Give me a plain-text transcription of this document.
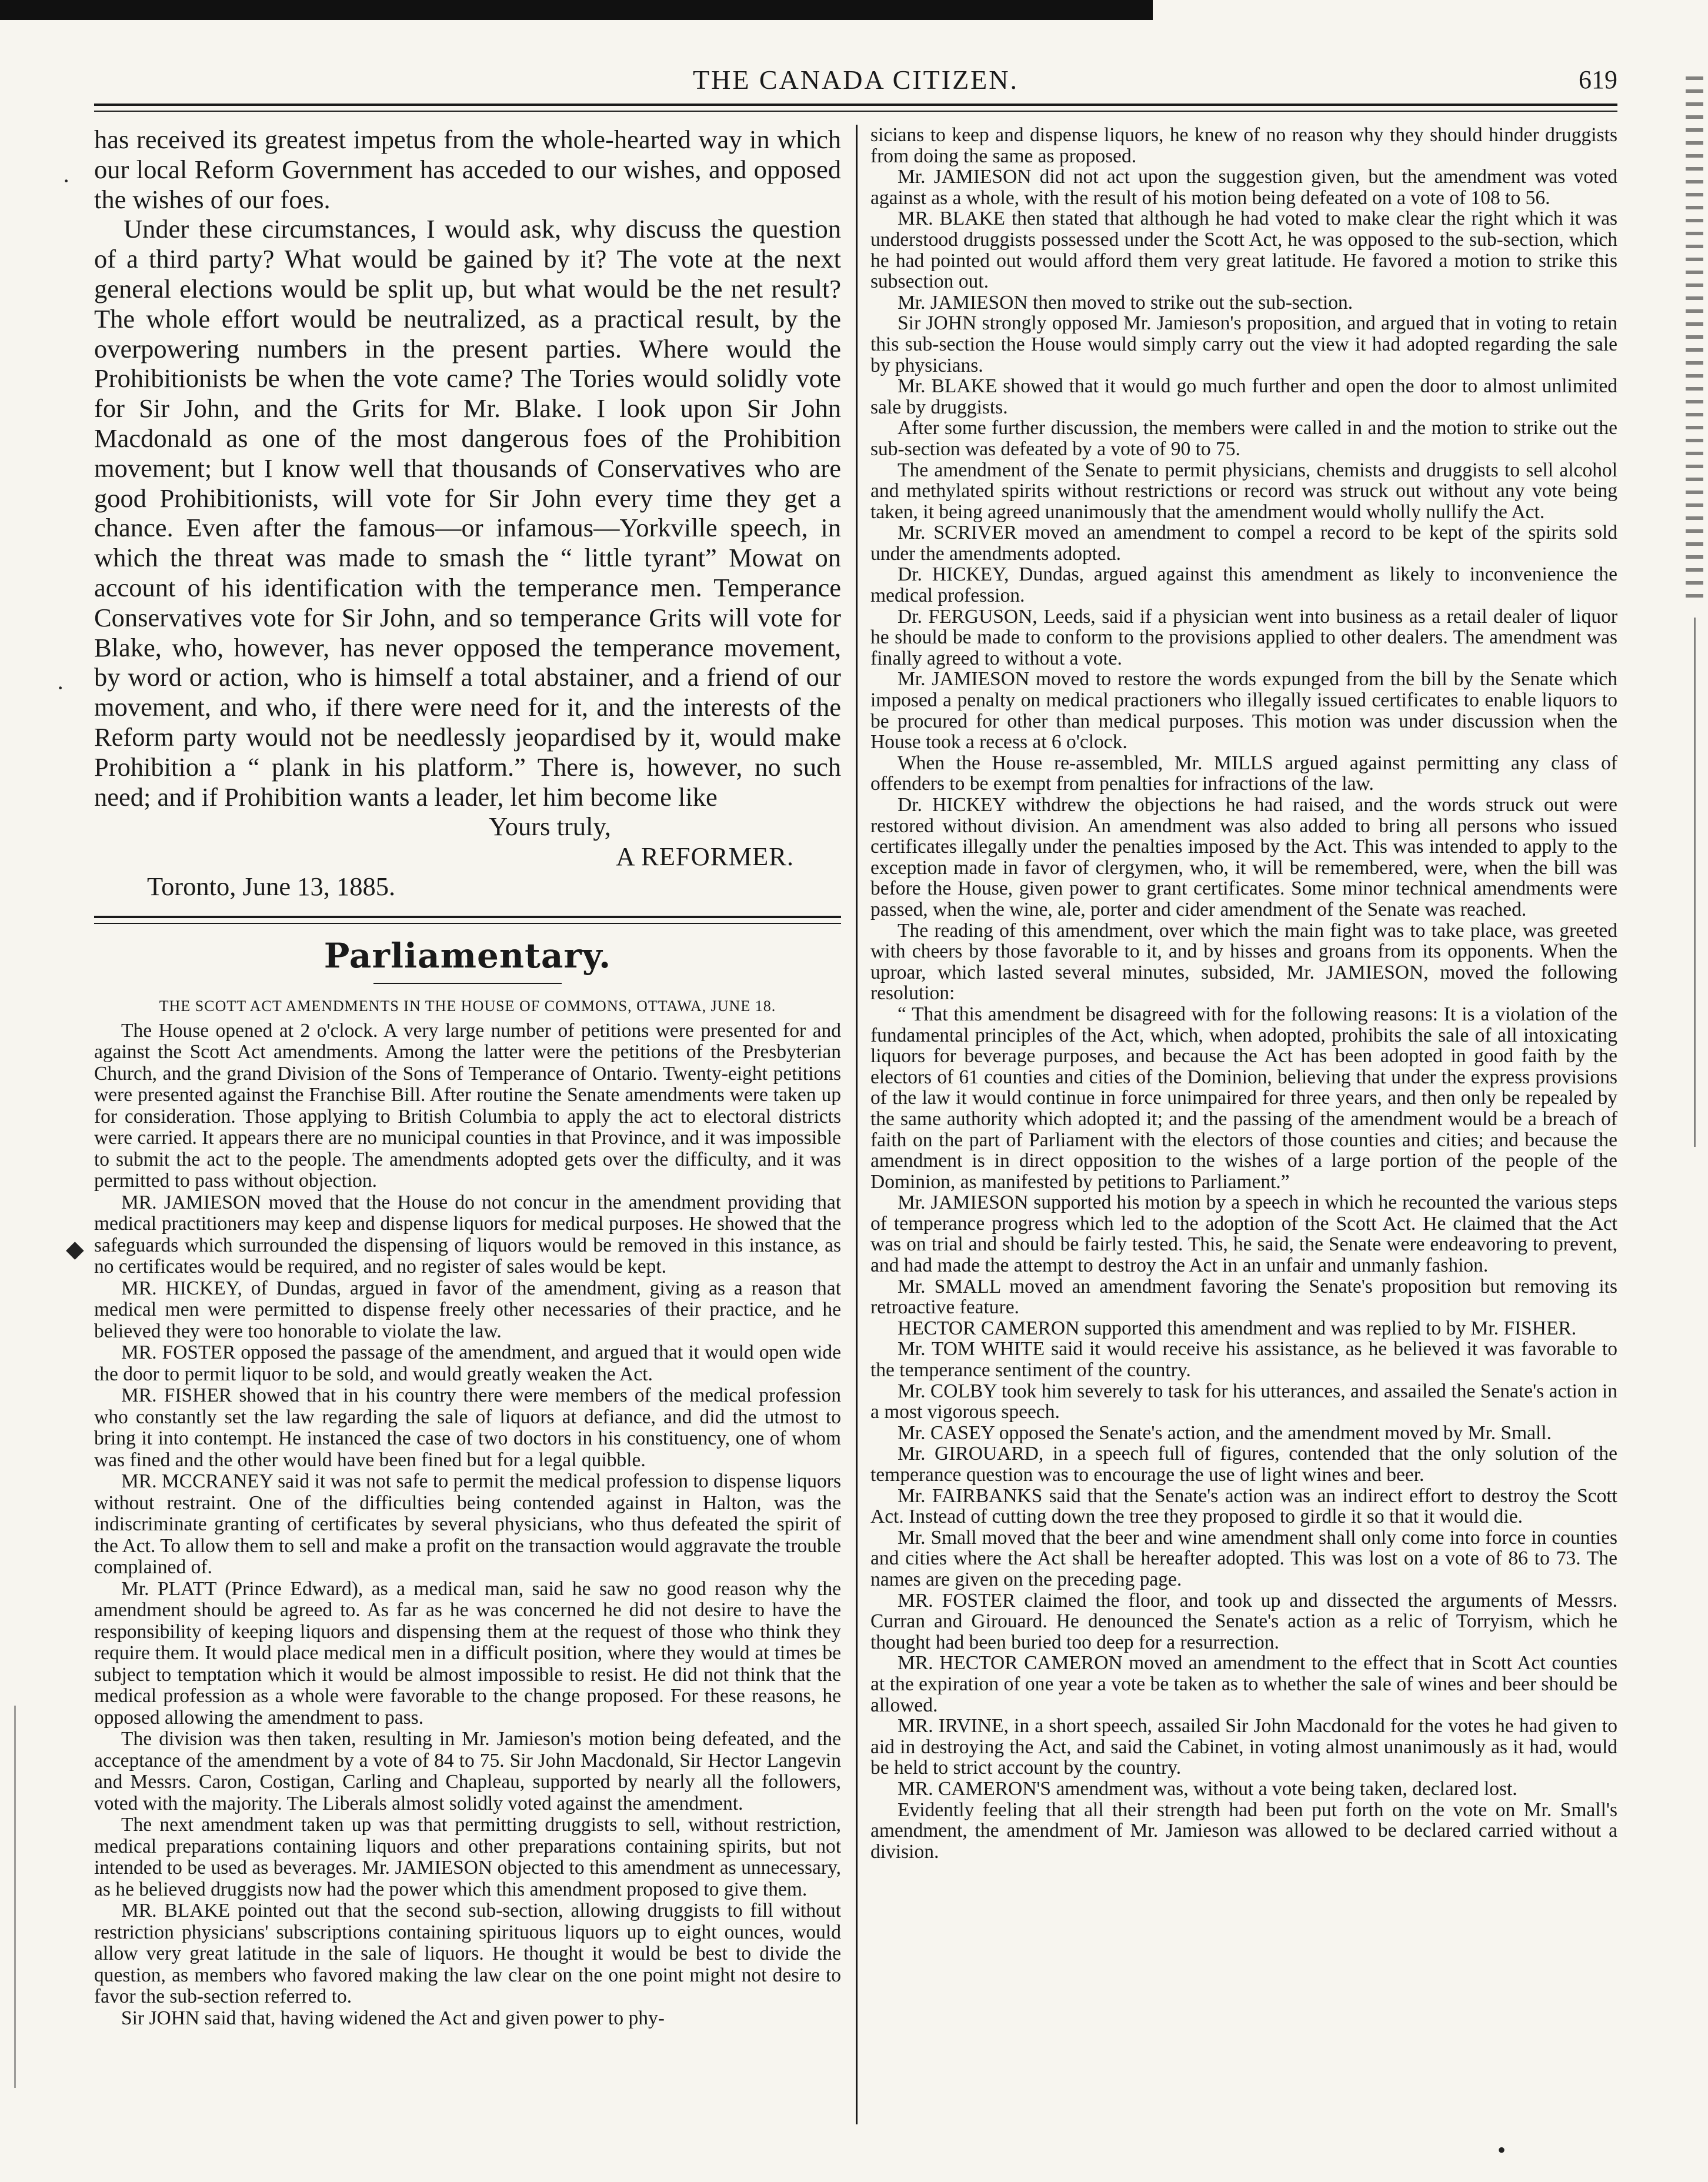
THE CANADA CITIZEN.	619

has received its greatest impetus from the whole-hearted way in which our local Reform Government has acceded to our wishes, and opposed the wishes of our foes.

Under these circumstances, I would ask, why discuss the question of a third party? What would be gained by it? The vote at the next general elections would be split up, but what would be the net result? The whole effort would be neutralized, as a practical result, by the overpowering numbers in the present parties. Where would the Prohibitionists be when the vote came? The Tories would solidly vote for Sir John, and the Grits for Mr. Blake. I look upon Sir John Macdonald as one of the most dangerous foes of the Prohibition movement; but I know well that thousands of Conservatives who are good Prohibitionists, will vote for Sir John every time they get a chance. Even after the famous—or infamous—Yorkville speech, in which the threat was made to smash the “ little tyrant” Mowat on account of his identification with the temperance men. Temperance Conservatives vote for Sir John, and so temperance Grits will vote for Blake, who, however, has never opposed the temperance movement, by word or action, who is himself a total abstainer, and a friend of our movement, and who, if there were need for it, and the interests of the Reform party would not be needlessly jeopardised by it, would make Prohibition a “ plank in his platform.” There is, however, no such need; and if Prohibition wants a leader, let him become like

Yours truly,
A REFORMER.
Toronto, June 13, 1885.
Parliamentary.
THE SCOTT ACT AMENDMENTS IN THE HOUSE OF COMMONS, OTTAWA, JUNE 18.

The House opened at 2 o'clock. A very large number of petitions were presented for and against the Scott Act amendments. Among the latter were the petitions of the Presbyterian Church, and the grand Division of the Sons of Temperance of Ontario. Twenty-eight petitions were presented against the Franchise Bill. After routine the Senate amendments were taken up for consideration. Those applying to British Columbia to apply the act to electoral districts were carried. It appears there are no municipal counties in that Province, and it was impossible to submit the act to the people. The amendments adopted gets over the difficulty, and it was permitted to pass without objection.

MR. JAMIESON moved that the House do not concur in the amendment providing that medical practitioners may keep and dispense liquors for medical purposes. He showed that the safeguards which surrounded the dispensing of liquors would be removed in this instance, as no certificates would be required, and no register of sales would be kept.

MR. HICKEY, of Dundas, argued in favor of the amendment, giving as a reason that medical men were permitted to dispense freely other necessaries of their practice, and he believed they were too honorable to violate the law.

MR. FOSTER opposed the passage of the amendment, and argued that it would open wide the door to permit liquor to be sold, and would greatly weaken the Act.

MR. FISHER showed that in his country there were members of the medical profession who constantly set the law regarding the sale of liquors at defiance, and did the utmost to bring it into contempt. He instanced the case of two doctors in his constituency, one of whom was fined and the other would have been fined but for a legal quibble.

MR. MCCRANEY said it was not safe to permit the medical profession to dispense liquors without restraint. One of the difficulties being contended against in Halton, was the indiscriminate granting of certificates by several physicians, who thus defeated the spirit of the Act. To allow them to sell and make a profit on the transaction would aggravate the trouble complained of.

Mr. PLATT (Prince Edward), as a medical man, said he saw no good reason why the amendment should be agreed to. As far as he was concerned he did not desire to have the responsibility of keeping liquors and dispensing them at the request of those who think they require them. It would place medical men in a difficult position, where they would at times be subject to temptation which it would be almost impossible to resist. He did not think that the medical profession as a whole were favorable to the change proposed. For these reasons, he opposed allowing the amendment to pass.

The division was then taken, resulting in Mr. Jamieson's motion being defeated, and the acceptance of the amendment by a vote of 84 to 75. Sir John Macdonald, Sir Hector Langevin and Messrs. Caron, Costigan, Carling and Chapleau, supported by nearly all the followers, voted with the majority. The Liberals almost solidly voted against the amendment.

The next amendment taken up was that permitting druggists to sell, without restriction, medical preparations containing liquors and other preparations containing spirits, but not intended to be used as beverages. Mr. JAMIESON objected to this amendment as unnecessary, as he believed druggists now had the power which this amendment proposed to give them.

MR. BLAKE pointed out that the second sub-section, allowing druggists to fill without restriction physicians' subscriptions containing spirituous liquors up to eight ounces, would allow very great latitude in the sale of liquors. He thought it would be best to divide the question, as members who favored making the law clear on the one point might not desire to favor the sub-section referred to.

Sir JOHN said that, having widened the Act and given power to phy-

sicians to keep and dispense liquors, he knew of no reason why they should hinder druggists from doing the same as proposed.

Mr. JAMIESON did not act upon the suggestion given, but the amendment was voted against as a whole, with the result of his motion being defeated on a vote of 108 to 56.

MR. BLAKE then stated that although he had voted to make clear the right which it was understood druggists possessed under the Scott Act, he was opposed to the sub-section, which he had pointed out would afford them very great latitude. He favored a motion to strike this subsection out.

Mr. JAMIESON then moved to strike out the sub-section.

Sir JOHN strongly opposed Mr. Jamieson's proposition, and argued that in voting to retain this sub-section the House would simply carry out the view it had adopted regarding the sale by physicians.

Mr. BLAKE showed that it would go much further and open the door to almost unlimited sale by druggists.

After some further discussion, the members were called in and the motion to strike out the sub-section was defeated by a vote of 90 to 75.

The amendment of the Senate to permit physicians, chemists and druggists to sell alcohol and methylated spirits without restrictions or record was struck out without any vote being taken, it being agreed unanimously that the amendment would wholly nullify the Act.

Mr. SCRIVER moved an amendment to compel a record to be kept of the spirits sold under the amendments adopted.

Dr. HICKEY, Dundas, argued against this amendment as likely to inconvenience the medical profession.

Dr. FERGUSON, Leeds, said if a physician went into business as a retail dealer of liquor he should be made to conform to the provisions applied to other dealers. The amendment was finally agreed to without a vote.

Mr. JAMIESON moved to restore the words expunged from the bill by the Senate which imposed a penalty on medical practioners who illegally issued certificates to enable liquors to be procured for other than medical purposes. This motion was under discussion when the House took a recess at 6 o'clock.

When the House re-assembled, Mr. MILLS argued against permitting any class of offenders to be exempt from penalties for infractions of the law.

Dr. HICKEY withdrew the objections he had raised, and the words struck out were restored without division. An amendment was also added to bring all persons who issued certificates illegally under the penalties imposed by the Act. This was intended to apply to the exception made in favor of clergymen, who, it will be remembered, were, when the bill was before the House, given power to grant certificates. Some minor technical amendments were passed, when the wine, ale, porter and cider amendment of the Senate was reached.

The reading of this amendment, over which the main fight was to take place, was greeted with cheers by those favorable to it, and by hisses and groans from its opponents. When the uproar, which lasted several minutes, subsided, Mr. JAMIESON, moved the following resolution:

“ That this amendment be disagreed with for the following reasons: It is a violation of the fundamental principles of the Act, which, when adopted, prohibits the sale of all intoxicating liquors for beverage purposes, and because the Act has been adopted in good faith by the electors of 61 counties and cities of the Dominion, believing that under the express provisions of the law it would continue in force unimpaired for three years, and then only be repealed by the same authority which adopted it; and the passing of the amendment would be a breach of faith on the part of Parliament with the electors of those counties and cities; and because the amendment is in direct opposition to the wishes of a large portion of the people of the Dominion, as manifested by petitions to Parliament.”

Mr. JAMIESON supported his motion by a speech in which he recounted the various steps of temperance progress which led to the adoption of the Scott Act. He claimed that the Act was on trial and should be fairly tested. This, he said, the Senate were endeavoring to prevent, and had made the attempt to destroy the Act in an unfair and unmanly fashion.

Mr. SMALL moved an amendment favoring the Senate's proposition but removing its retroactive feature.

HECTOR CAMERON supported this amendment and was replied to by Mr. FISHER.

Mr. TOM WHITE said it would receive his assistance, as he believed it was favorable to the temperance sentiment of the country.

Mr. COLBY took him severely to task for his utterances, and assailed the Senate's action in a most vigorous speech.

Mr. CASEY opposed the Senate's action, and the amendment moved by Mr. Small.

Mr. GIROUARD, in a speech full of figures, contended that the only solution of the temperance question was to encourage the use of light wines and beer.

Mr. FAIRBANKS said that the Senate's action was an indirect effort to destroy the Scott Act. Instead of cutting down the tree they proposed to girdle it so that it would die.

Mr. Small moved that the beer and wine amendment shall only come into force in counties and cities where the Act shall be hereafter adopted. This was lost on a vote of 86 to 73. The names are given on the preceding page.

MR. FOSTER claimed the floor, and took up and dissected the arguments of Messrs. Curran and Girouard. He denounced the Senate's action as a relic of Torryism, which he thought had been buried too deep for a resurrection.

MR. HECTOR CAMERON moved an amendment to the effect that in Scott Act counties at the expiration of one year a vote be taken as to whether the sale of wines and beer should be allowed.

MR. IRVINE, in a short speech, assailed Sir John Macdonald for the votes he had given to aid in destroying the Act, and said the Cabinet, in voting almost unanimously as it had, would be held to strict account by the country.

MR. CAMERON'S amendment was, without a vote being taken, declared lost.

Evidently feeling that all their strength had been put forth on the vote on Mr. Small's amendment, the amendment of Mr. Jamieson was allowed to be declared carried without a division.

·
·
◆
•
